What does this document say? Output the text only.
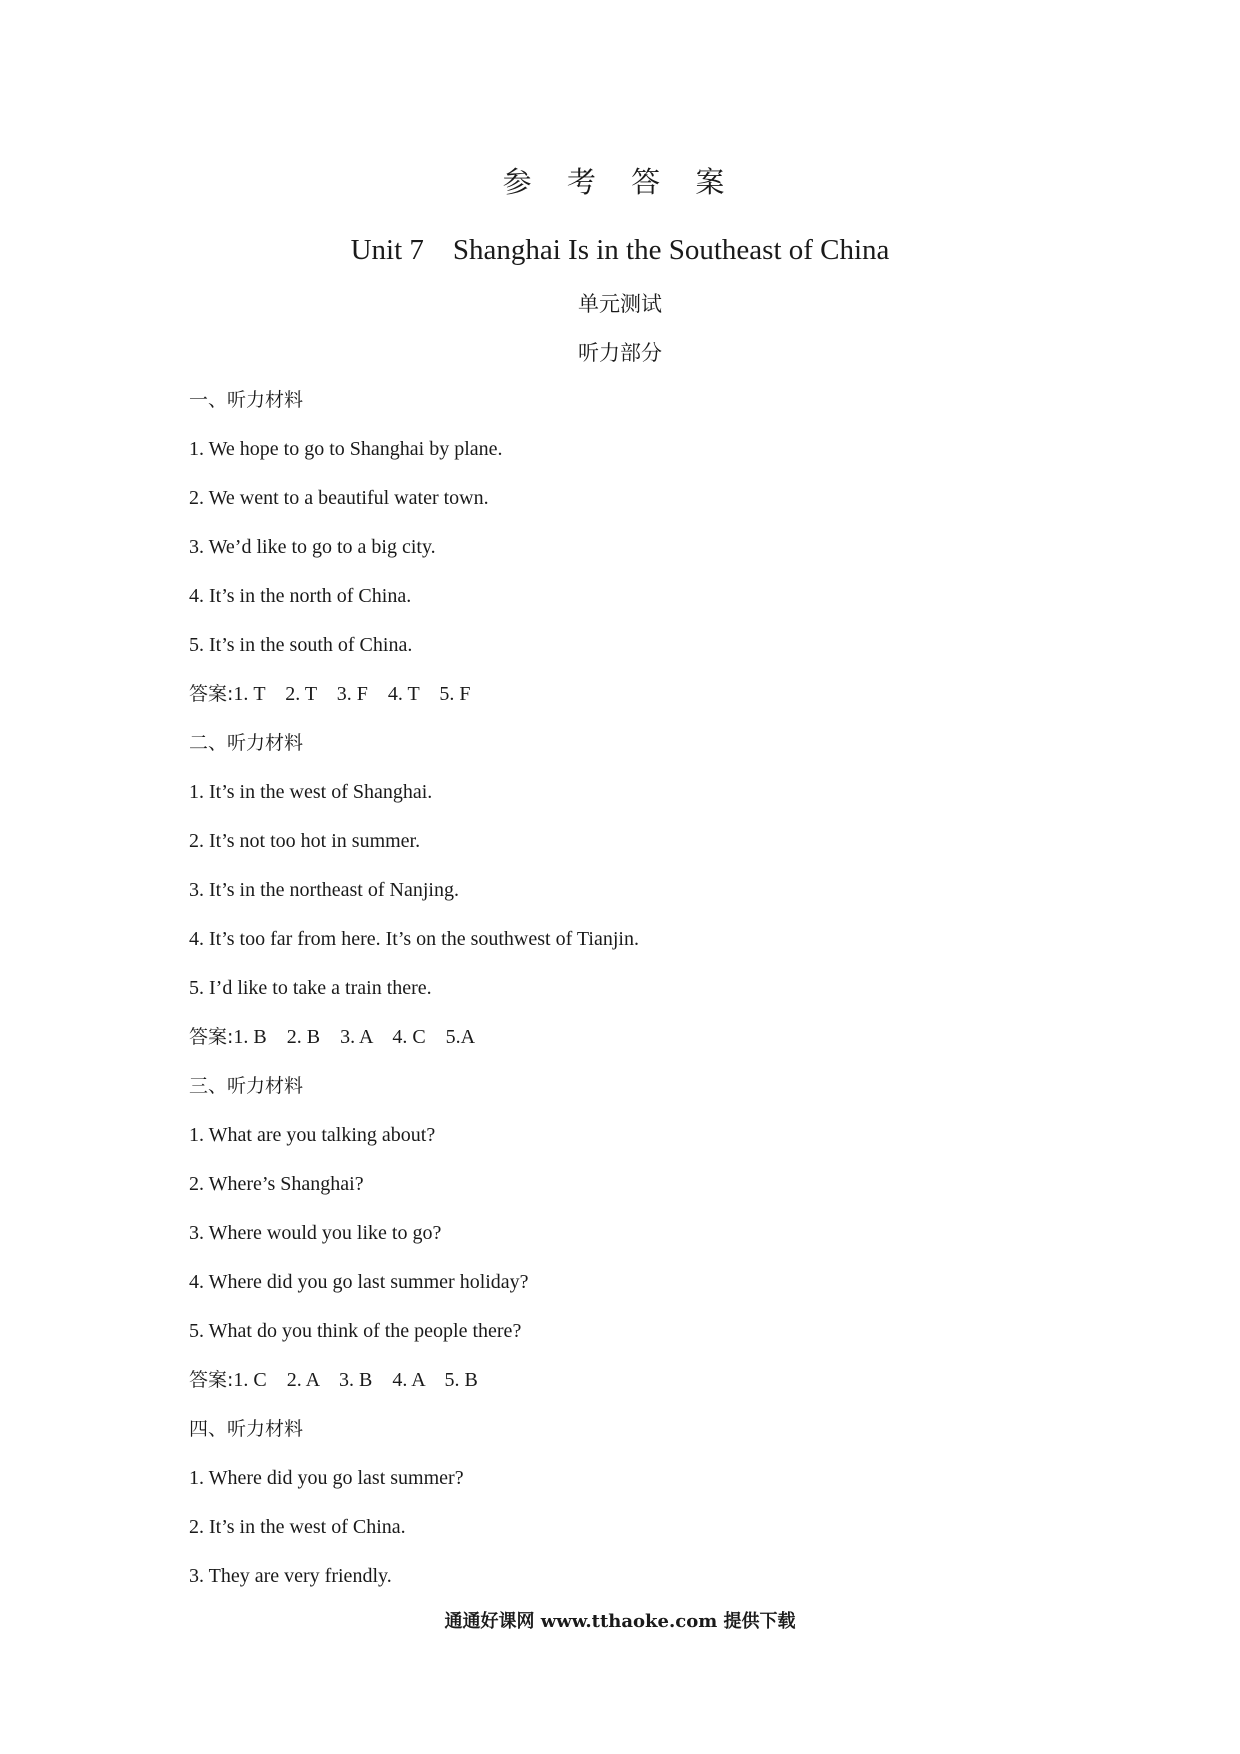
参 考 答 案
Unit 7    Shanghai Is in the Southeast of China
单元测试
听力部分
一、听力材料
1. We hope to go to Shanghai by plane.
2. We went to a beautiful water town.
3. We’d like to go to a big city.
4. It’s in the north of China.
5. It’s in the south of China.
答案:1. T    2. T    3. F    4. T    5. F
二、听力材料
1. It’s in the west of Shanghai.
2. It’s not too hot in summer.
3. It’s in the northeast of Nanjing.
4. It’s too far from here. It’s on the southwest of Tianjin.
5. I’d like to take a train there.
答案:1. B    2. B    3. A    4. C    5.A
三、听力材料
1. What are you talking about?
2. Where’s Shanghai?
3. Where would you like to go?
4. Where did you go last summer holiday?
5. What do you think of the people there?
答案:1. C    2. A    3. B    4. A    5. B
四、听力材料
1. Where did you go last summer?
2. It’s in the west of China.
3. They are very friendly.
通通好课网 www.tthaoke.com 提供下载
